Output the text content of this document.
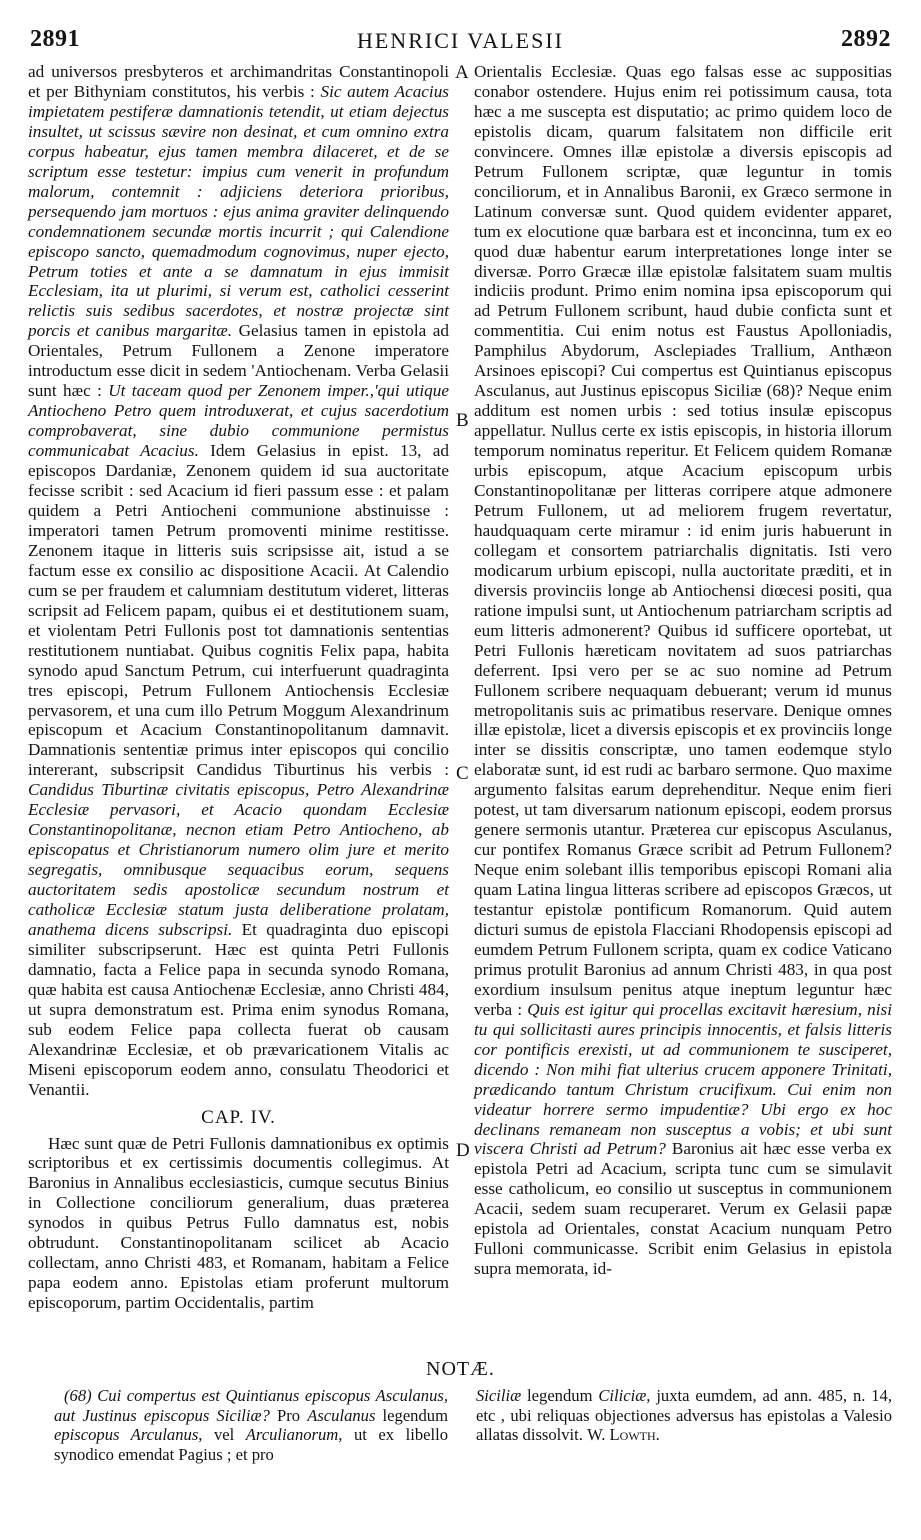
2891	HENRICI VALESII	2892
A
B
C
D

ad universos presbyteros et archimandritas Constantinopoli et per Bithyniam constitutos, his verbis : Sic autem Acacius impietatem pestiferæ damnationis tetendit, ut etiam dejectus insultet, ut scissus sævire non desinat, et cum omnino extra corpus habeatur, ejus tamen membra dilaceret, et de se scriptum esse testetur: impius cum venerit in profundum malorum, contemnit : adjiciens deteriora prioribus, persequendo jam mortuos : ejus anima graviter delinquendo condemnationem secundæ mortis incurrit ; qui Calendione episcopo sancto, quemadmodum cognovimus, nuper ejecto, Petrum toties et ante a se damnatum in ejus immisit Ecclesiam, ita ut plurimi, si verum est, catholici cesserint relictis suis sedibus sacerdotes, et nostræ projectæ sint porcis et canibus margaritæ. Gelasius tamen in epistola ad Orientales, Petrum Fullonem a Zenone imperatore introductum esse dicit in sedem 'Antiochenam. Verba Gelasii sunt hæc : Ut taceam quod per Zenonem imper.,'qui utique Antiocheno Petro quem introduxerat, et cujus sacerdotium comprobaverat, sine dubio communione permistus communicabat Acacius. Idem Gelasius in epist. 13, ad episcopos Dardaniæ, Zenonem quidem id sua auctoritate fecisse scribit : sed Acacium id fieri passum esse : et palam quidem a Petri Antiocheni communione abstinuisse : imperatori tamen Petrum promoventi minime restitisse. Zenonem itaque in litteris suis scripsisse ait, istud a se factum esse ex consilio ac dispositione Acacii. At Calendio cum se per fraudem et calumniam destitutum videret, litteras scripsit ad Felicem papam, quibus ei et destitutionem suam, et violentam Petri Fullonis post tot damnationis sententias restitutionem nuntiabat. Quibus cognitis Felix papa, habita synodo apud Sanctum Petrum, cui interfuerunt quadraginta tres episcopi, Petrum Fullonem Antiochensis Ecclesiæ pervasorem, et una cum illo Petrum Moggum Alexandrinum episcopum et Acacium Constantinopolitanum damnavit. Damnationis sententiæ primus inter episcopos qui concilio intererant, subscripsit Candidus Tiburtinus his verbis : Candidus Tiburtinæ civitatis episcopus, Petro Alexandrinæ Ecclesiæ pervasori, et Acacio quondam Ecclesiæ Constantinopolitanæ, necnon etiam Petro Antiocheno, ab episcopatus et Christianorum numero olim jure et merito segregatis, omnibusque sequacibus eorum, sequens auctoritatem sedis apostolicæ secundum nostrum et catholicæ Ecclesiæ statum justa deliberatione prolatam, anathema dicens subscripsi. Et quadraginta duo episcopi similiter subscripserunt. Hæc est quinta Petri Fullonis damnatio, facta a Felice papa in secunda synodo Romana, quæ habita est causa Antiochenæ Ecclesiæ, anno Christi 484, ut supra demonstratum est. Prima enim synodus Romana, sub eodem Felice papa collecta fuerat ob causam Alexandrinæ Ecclesiæ, et ob prævaricationem Vitalis ac Miseni episcoporum eodem anno, consulatu Theodorici et Venantii.

CAP. IV.

Hæc sunt quæ de Petri Fullonis damnationibus ex optimis scriptoribus et ex certissimis documentis collegimus. At Baronius in Annalibus ecclesiasticis, cumque secutus Binius in Collectione conciliorum generalium, duas præterea synodos in quibus Petrus Fullo damnatus est, nobis obtrudunt. Constantinopolitanam scilicet ab Acacio collectam, anno Christi 483, et Romanam, habitam a Felice papa eodem anno. Epistolas etiam proferunt multorum episcoporum, partim Occidentalis, partim

Orientalis Ecclesiæ. Quas ego falsas esse ac suppositias conabor ostendere. Hujus enim rei potissimum causa, tota hæc a me suscepta est disputatio; ac primo quidem loco de epistolis dicam, quarum falsitatem non difficile erit convincere. Omnes illæ epistolæ a diversis episcopis ad Petrum Fullonem scriptæ, quæ leguntur in tomis conciliorum, et in Annalibus Baronii, ex Græco sermone in Latinum conversæ sunt. Quod quidem evidenter apparet, tum ex elocutione quæ barbara est et inconcinna, tum ex eo quod duæ habentur earum interpretationes longe inter se diversæ. Porro Græcæ illæ epistolæ falsitatem suam multis indiciis produnt. Primo enim nomina ipsa episcoporum qui ad Petrum Fullonem scribunt, haud dubie conficta sunt et commentitia. Cui enim notus est Faustus Apolloniadis, Pamphilus Abydorum, Asclepiades Trallium, Anthæon Arsinoes episcopi? Cui compertus est Quintianus episcopus Asculanus, aut Justinus episcopus Siciliæ (68)? Neque enim additum est nomen urbis : sed totius insulæ episcopus appellatur. Nullus certe ex istis episcopis, in historia illorum temporum nominatus reperitur. Et Felicem quidem Romanæ urbis episcopum, atque Acacium episcopum urbis Constantinopolitanæ per litteras corripere atque admonere Petrum Fullonem, ut ad meliorem frugem revertatur, haudquaquam certe miramur : id enim juris habuerunt in collegam et consortem patriarchalis dignitatis. Isti vero modicarum urbium episcopi, nulla auctoritate præditi, et in diversis provinciis longe ab Antiochensi diœcesi positi, qua ratione impulsi sunt, ut Antiochenum patriarcham scriptis ad eum litteris admonerent? Quibus id sufficere oportebat, ut Petri Fullonis hæreticam novitatem ad suos patriarchas deferrent. Ipsi vero per se ac suo nomine ad Petrum Fullonem scribere nequaquam debuerant; verum id munus metropolitanis suis ac primatibus reservare. Denique omnes illæ epistolæ, licet a diversis episcopis et ex provinciis longe inter se dissitis conscriptæ, uno tamen eodemque stylo elaboratæ sunt, id est rudi ac barbaro sermone. Quo maxime argumento falsitas earum deprehenditur. Neque enim fieri potest, ut tam diversarum nationum episcopi, eodem prorsus genere sermonis utantur. Præterea cur episcopus Asculanus, cur pontifex Romanus Græce scribit ad Petrum Fullonem? Neque enim solebant illis temporibus episcopi Romani alia quam Latina lingua litteras scribere ad episcopos Græcos, ut testantur epistolæ pontificum Romanorum. Quid autem dicturi sumus de epistola Flacciani Rhodopensis episcopi ad eumdem Petrum Fullonem scripta, quam ex codice Vaticano primus protulit Baronius ad annum Christi 483, in qua post exordium insulsum penitus atque ineptum leguntur hæc verba : Quis est igitur qui procellas excitavit hæresium, nisi tu qui sollicitasti aures principis innocentis, et falsis litteris cor pontificis erexisti, ut ad communionem te susciperet, dicendo : Non mihi fiat ulterius crucem apponere Trinitati, prædicando tantum Christum crucifixum. Cui enim non videatur horrere sermo impudentiæ? Ubi ergo ex hoc declinans remaneam non susceptus a vobis; et ubi sunt viscera Christi ad Petrum? Baronius ait hæc esse verba ex epistola Petri ad Acacium, scripta tunc cum se simulavit esse catholicum, eo consilio ut susceptus in communionem Acacii, sedem suam recuperaret. Verum ex Gelasii papæ epistola ad Orientales, constat Acacium nunquam Petro Fulloni communicasse. Scribit enim Gelasius in epistola supra memorata, id-

NOTÆ.

(68) Cui compertus est Quintianus episcopus Asculanus, aut Justinus episcopus Siciliæ? Pro Asculanus legendum episcopus Arculanus, vel Arculianorum, ut ex libello synodico emendat Pagius ; et pro

Siciliæ legendum Ciliciæ, juxta eumdem, ad ann. 485, n. 14, etc , ubi reliquas objectiones adversus has epistolas a Valesio allatas dissolvit. W. Lowth.
